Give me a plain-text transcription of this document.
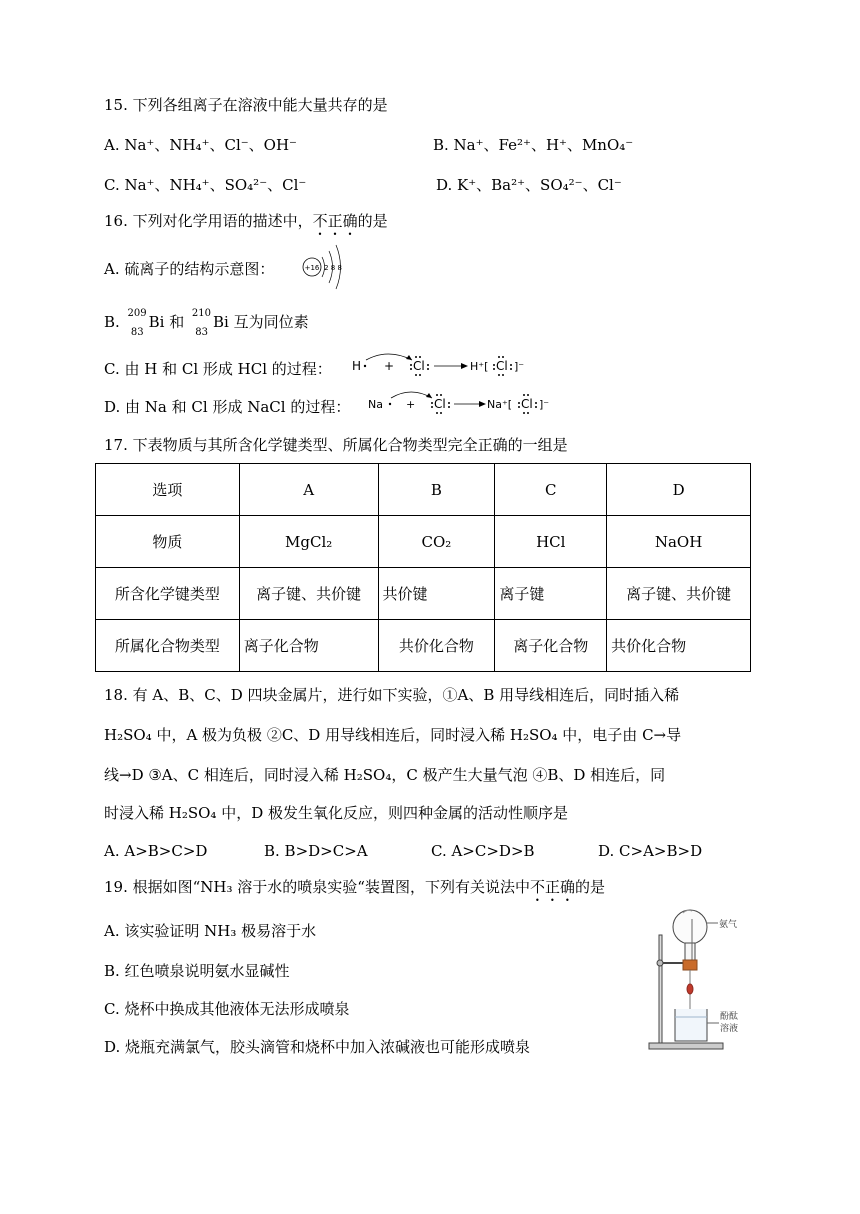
15. 下列各组离子在溶液中能大量共存的是
A. Na⁺、NH₄⁺、Cl⁻、OH⁻	B. Na⁺、Fe²⁺、H⁺、MnO₄⁻
C. Na⁺、NH₄⁺、SO₄²⁻、Cl⁻	D. K⁺、Ba²⁺、SO₄²⁻、Cl⁻
16. 下列对化学用语的描述中，不正确的是
A. 硫离子的结构示意图：	+16 2 8 8
B. 209
83
Bi 和 210
83
Bi 互为同位素
C. 由 H 和 Cl 形成 HCl 的过程： H + Cl	H⁺[ Cl ]⁻
D. 由 Na 和 Cl 形成 NaCl 的过程： Na + Cl	Na⁺[ Cl ]⁻
17. 下表物质与其所含化学键类型、所属化合物类型完全正确的一组是
选项	A	B	C	D
物质	MgCl₂	CO₂	HCl	NaOH
所含化学键类型	离子键、共价键	共价键	离子键	离子键、共价键
所属化合物类型	离子化合物	共价化合物	离子化合物	共价化合物
18. 有 A、B、C、D 四块金属片，进行如下实验，①A、B 用导线相连后，同时插入稀
H₂SO₄ 中，A 极为负极 ②C、D 用导线相连后，同时浸入稀 H₂SO₄ 中，电子由 C→导
线→D ③A、C 相连后，同时浸入稀 H₂SO₄，C 极产生大量气泡 ④B、D 相连后，同
时浸入稀 H₂SO₄ 中，D 极发生氧化反应，则四种金属的活动性顺序是
A. A>B>C>D	B. B>D>C>A	C. A>C>D>B	D. C>A>B>D
19. 根据如图“NH₃ 溶于水的喷泉实验“装置图，下列有关说法中不正确的是
A. 该实验证明 NH₃ 极易溶于水
B. 红色喷泉说明氨水显碱性
C. 烧杯中换成其他液体无法形成喷泉
D. 烧瓶充满氯气，胶头滴管和烧杯中加入浓碱液也可能形成喷泉
氨气
酚酞
溶液
